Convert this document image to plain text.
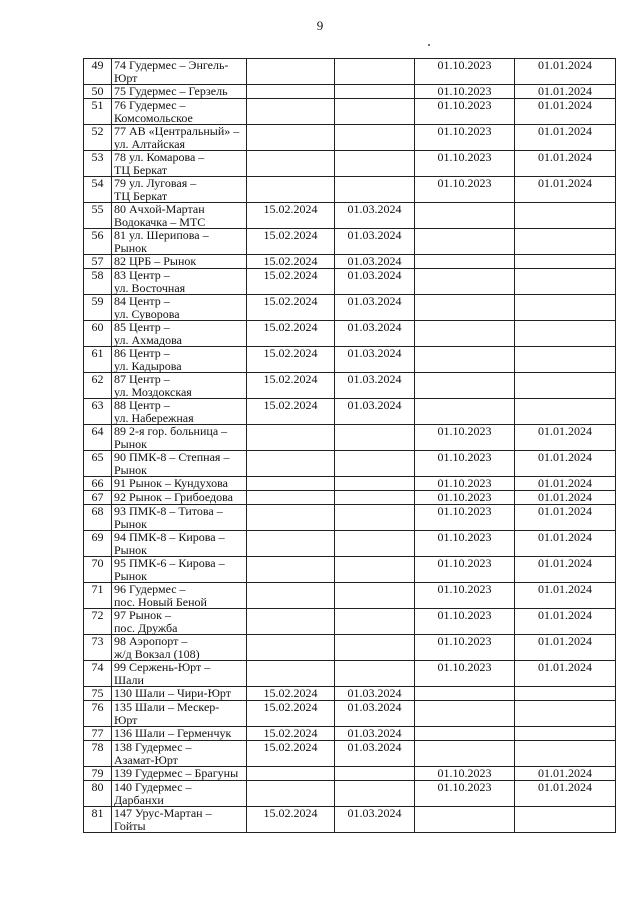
9
49	74 Гудермес – Энгель-
Юрт			01.10.2023	01.01.2024
50	75 Гудермес – Герзель			01.10.2023	01.01.2024
51	76 Гудермес –
Комсомольское			01.10.2023	01.01.2024
52	77 АВ «Центральный» –
ул. Алтайская			01.10.2023	01.01.2024
53	78 ул. Комарова –
ТЦ Беркат			01.10.2023	01.01.2024
54	79 ул. Луговая –
ТЦ Беркат			01.10.2023	01.01.2024
55	80 Ачхой-Мартан
Водокачка – МТС	15.02.2024	01.03.2024		
56	81 ул. Шерипова –
Рынок	15.02.2024	01.03.2024		
57	82 ЦРБ – Рынок	15.02.2024	01.03.2024		
58	83 Центр –
ул. Восточная	15.02.2024	01.03.2024		
59	84 Центр –
ул. Суворова	15.02.2024	01.03.2024		
60	85 Центр –
ул. Ахмадова	15.02.2024	01.03.2024		
61	86 Центр –
ул. Кадырова	15.02.2024	01.03.2024		
62	87 Центр –
ул. Моздокская	15.02.2024	01.03.2024		
63	88 Центр –
ул. Набережная	15.02.2024	01.03.2024		
64	89 2-я гор. больница –
Рынок			01.10.2023	01.01.2024
65	90 ПМК-8 – Степная –
Рынок			01.10.2023	01.01.2024
66	91 Рынок – Кундухова			01.10.2023	01.01.2024
67	92 Рынок – Грибоедова			01.10.2023	01.01.2024
68	93 ПМК-8 – Титова –
Рынок			01.10.2023	01.01.2024
69	94 ПМК-8 – Кирова –
Рынок			01.10.2023	01.01.2024
70	95 ПМК-6 – Кирова –
Рынок			01.10.2023	01.01.2024
71	96 Гудермес –
пос. Новый Беной			01.10.2023	01.01.2024
72	97 Рынок –
пос. Дружба			01.10.2023	01.01.2024
73	98 Аэропорт –
ж/д Вокзал (108)			01.10.2023	01.01.2024
74	99 Сержень-Юрт –
Шали			01.10.2023	01.01.2024
75	130 Шали – Чири-Юрт	15.02.2024	01.03.2024		
76	135 Шали – Мескер-
Юрт	15.02.2024	01.03.2024		
77	136 Шали – Герменчук	15.02.2024	01.03.2024		
78	138 Гудермес –
Азамат-Юрт	15.02.2024	01.03.2024		
79	139 Гудермес – Брагуны			01.10.2023	01.01.2024
80	140 Гудермес –
Дарбанхи			01.10.2023	01.01.2024
81	147 Урус-Мартан –
Гойты	15.02.2024	01.03.2024		
